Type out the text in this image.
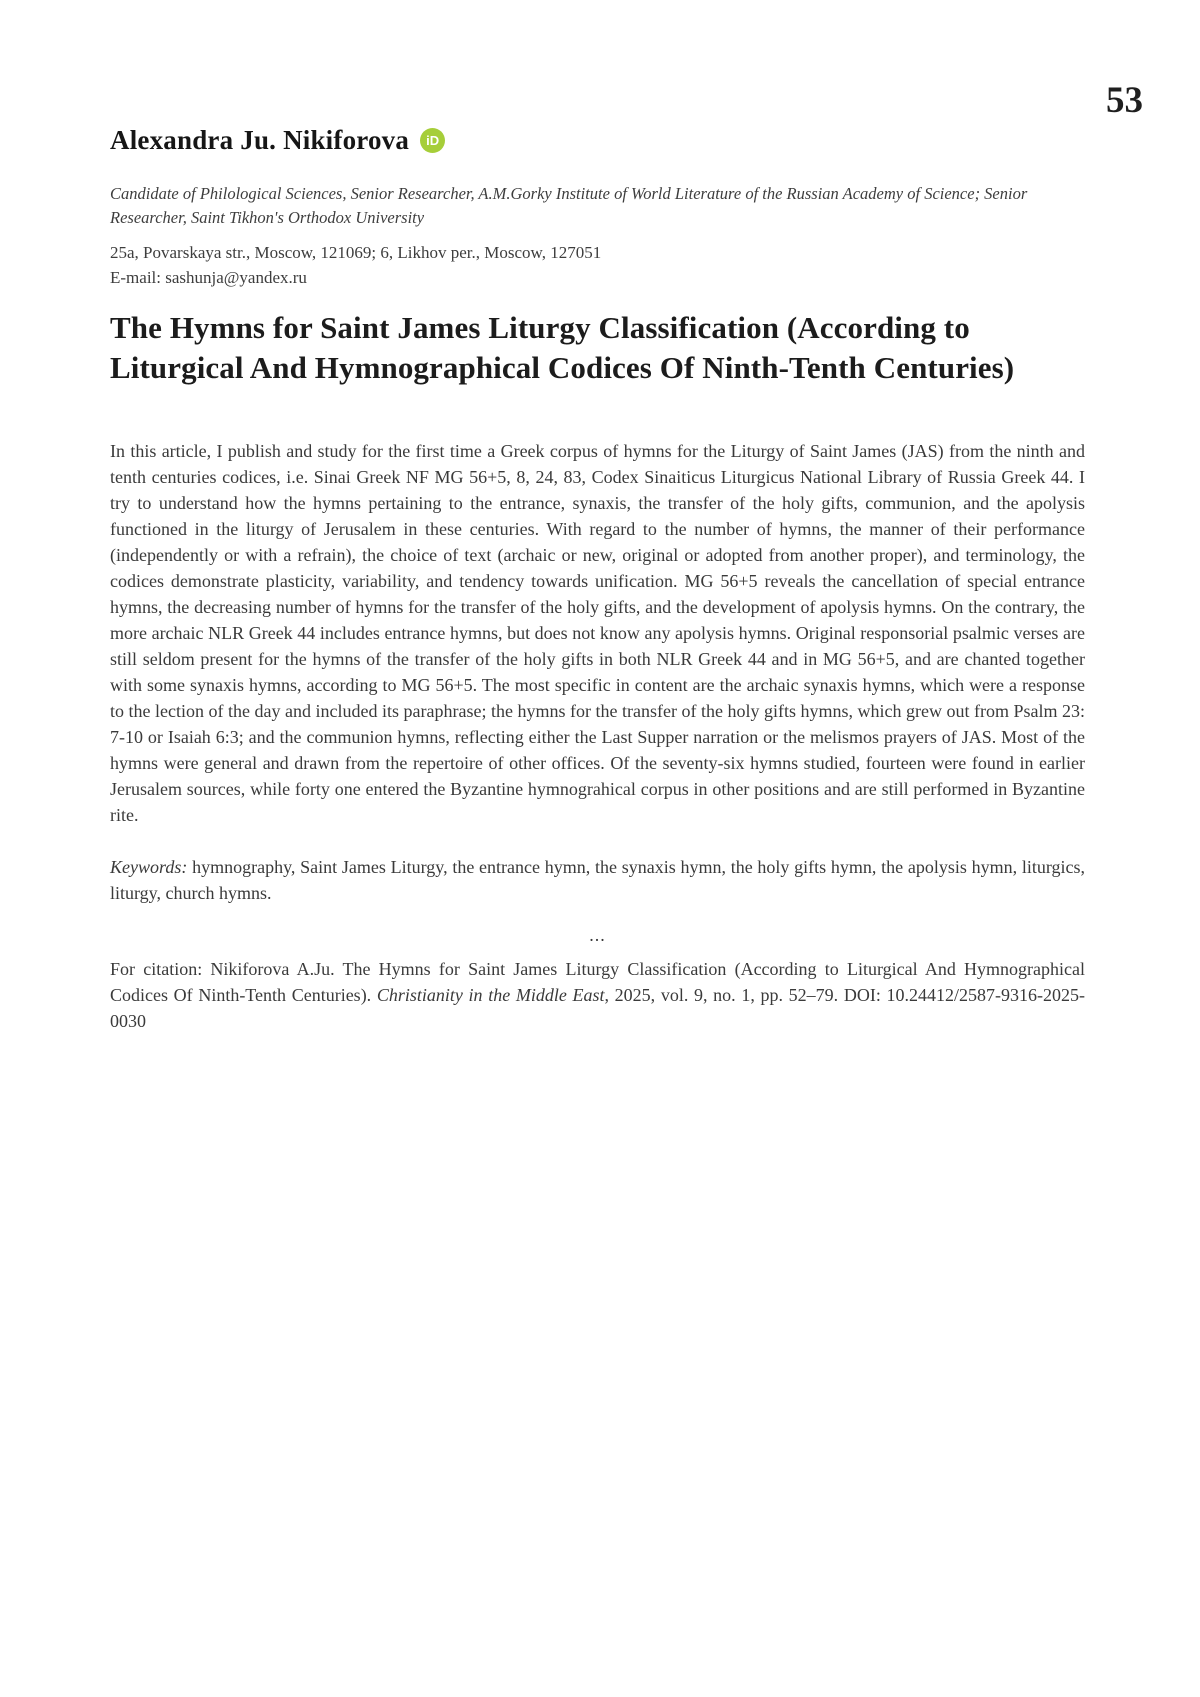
53
Alexandra Ju. Nikiforova	iD
Candidate of Philological Sciences, Senior Researcher, A.M.Gorky Institute of World Literature of the Russian Academy of Science; Senior Researcher, Saint Tikhon's Orthodox University
25a, Povarskaya str., Moscow, 121069; 6, Likhov per., Moscow, 127051
E-mail: sashunja@yandex.ru
The Hymns for Saint James Liturgy Classification (According to Liturgical And Hymnographical Codices Of Ninth-Tenth Centuries)

In this article, I publish and study for the first time a Greek corpus of hymns for the Liturgy of Saint James (JAS) from the ninth and tenth centuries codices, i.e. Sinai Greek NF MG 56+5, 8, 24, 83, Codex Sinaiticus Liturgicus National Library of Russia Greek 44. I try to understand how the hymns pertaining to the entrance, synaxis, the transfer of the holy gifts, communion, and the apolysis functioned in the liturgy of Jerusalem in these centuries. With regard to the number of hymns, the manner of their performance (independently or with a refrain), the choice of text (archaic or new, original or adopted from another proper), and terminology, the codices demonstrate plasticity, variability, and tendency towards unification. MG 56+5 reveals the cancellation of special entrance hymns, the decreasing number of hymns for the transfer of the holy gifts, and the development of apolysis hymns. On the contrary, the more archaic NLR Greek 44 includes entrance hymns, but does not know any apolysis hymns. Original responsorial psalmic verses are still seldom present for the hymns of the transfer of the holy gifts in both NLR Greek 44 and in MG 56+5, and are chanted together with some synaxis hymns, according to MG 56+5. The most specific in content are the archaic synaxis hymns, which were a response to the lection of the day and included its paraphrase; the hymns for the transfer of the holy gifts hymns, which grew out from Psalm 23: 7-10 or Isaiah 6:3; and the communion hymns, reflecting either the Last Supper narration or the melismos prayers of JAS. Most of the hymns were general and drawn from the repertoire of other offices. Of the seventy-six hymns studied, fourteen were found in earlier Jerusalem sources, while forty one entered the Byzantine hymnograhical corpus in other positions and are still performed in Byzantine rite.

Keywords: hymnography, Saint James Liturgy, the entrance hymn, the synaxis hymn, the holy gifts hymn, the apolysis hymn, liturgics, liturgy, church hymns.

...

For citation: Nikiforova A.Ju. The Hymns for Saint James Liturgy Classification (According to Liturgical And Hymnographical Codices Of Ninth-Tenth Centuries). Christianity in the Middle East, 2025, vol. 9, no. 1, pp. 52–79. DOI: 10.24412/2587-9316-2025-0030
